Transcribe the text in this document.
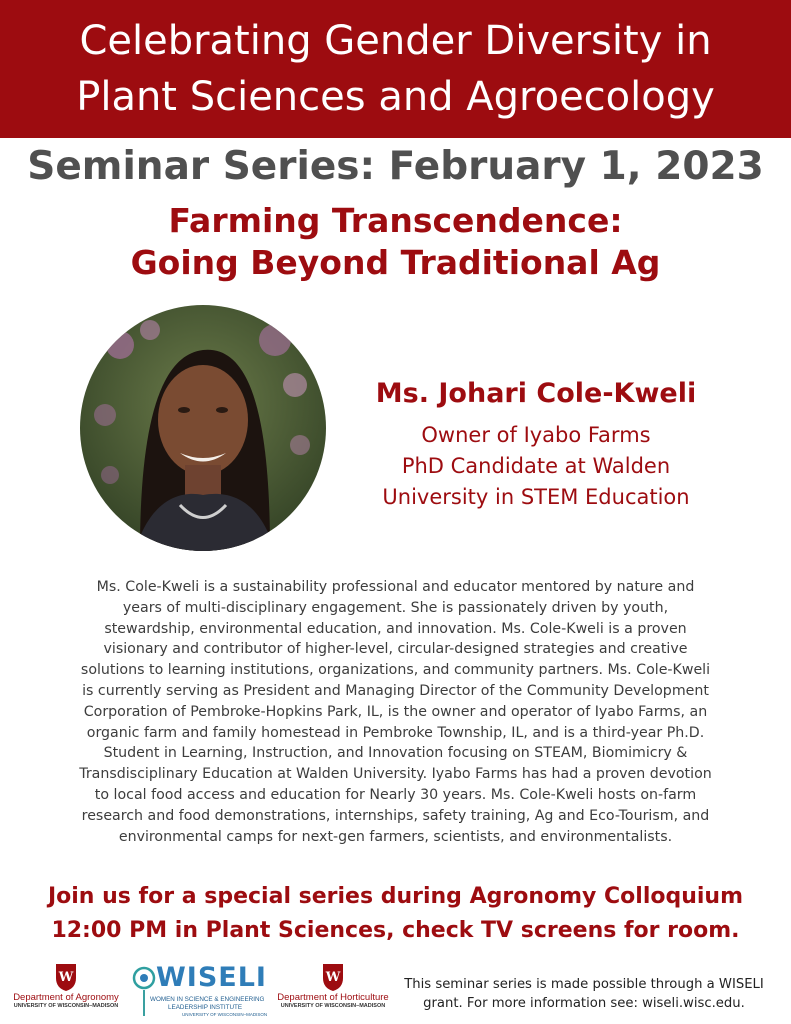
Celebrating Gender Diversity in
Plant Sciences and Agroecology
Seminar Series: February 1, 2023
Farming Transcendence:
Going Beyond Traditional Ag
Ms. Johari Cole-Kweli
Owner of Iyabo Farms
PhD Candidate at Walden
University in STEM Education
Ms. Cole-Kweli is a sustainability professional and educator mentored by nature and
years of multi-disciplinary engagement. She is passionately driven by youth,
stewardship, environmental education, and innovation. Ms. Cole-Kweli is a proven
visionary and contributor of higher-level, circular-designed strategies and creative
solutions to learning institutions, organizations, and community partners. Ms. Cole-Kweli
is currently serving as President and Managing Director of the Community Development
Corporation of Pembroke-Hopkins Park, IL, is the owner and operator of Iyabo Farms, an
organic farm and family homestead in Pembroke Township, IL, and is a third-year Ph.D.
Student in Learning, Instruction, and Innovation focusing on STEAM, Biomimicry &
Transdisciplinary Education at Walden University. Iyabo Farms has had a proven devotion
to local food access and education for Nearly 30 years. Ms. Cole-Kweli hosts on-farm
research and food demonstrations, internships, safety training, Ag and Eco-Tourism, and
environmental camps for next-gen farmers, scientists, and environmentalists.
Join us for a special series during Agronomy Colloquium
12:00 PM in Plant Sciences, check TV screens for room.
W
Department of Agronomy
UNIVERSITY OF WISCONSIN–MADISON
WISELI
WOMEN IN SCIENCE & ENGINEERING
LEADERSHIP INSTITUTE
UNIVERSITY OF WISCONSIN–MADISON
W
Department of Horticulture
UNIVERSITY OF WISCONSIN–MADISON
This seminar series is made possible through a WISELI
grant. For more information see: wiseli.wisc.edu.
